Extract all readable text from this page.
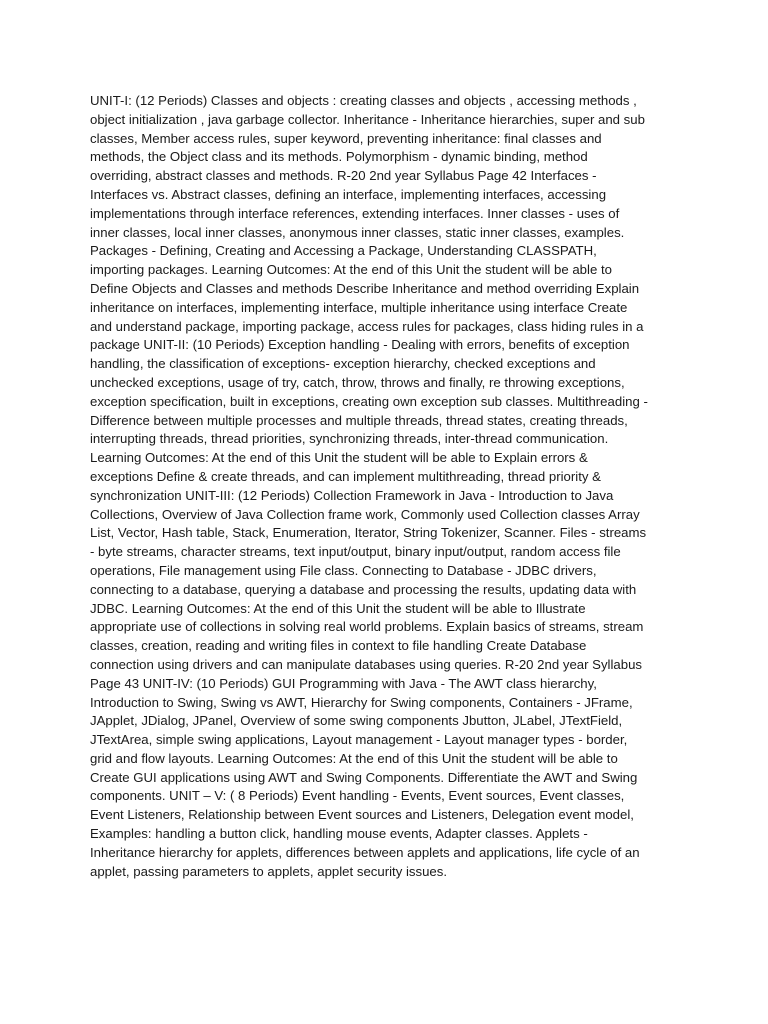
UNIT-I: (12 Periods) Classes and objects : creating classes and objects , accessing methods ,
object initialization , java garbage collector. Inheritance - Inheritance hierarchies, super and sub
classes, Member access rules, super keyword, preventing inheritance: final classes and
methods, the Object class and its methods. Polymorphism - dynamic binding, method
overriding, abstract classes and methods. R-20 2nd year Syllabus Page 42 Interfaces -
Interfaces vs. Abstract classes, defining an interface, implementing interfaces, accessing
implementations through interface references, extending interfaces. Inner classes - uses of
inner classes, local inner classes, anonymous inner classes, static inner classes, examples.
Packages - Defining, Creating and Accessing a Package, Understanding CLASSPATH,
importing packages. Learning Outcomes: At the end of this Unit the student will be able to
Define Objects and Classes and methods Describe Inheritance and method overriding Explain
inheritance on interfaces, implementing interface, multiple inheritance using interface Create
and understand package, importing package, access rules for packages, class hiding rules in a
package UNIT-II: (10 Periods) Exception handling - Dealing with errors, benefits of exception
handling, the classification of exceptions- exception hierarchy, checked exceptions and
unchecked exceptions, usage of try, catch, throw, throws and finally, re throwing exceptions,
exception specification, built in exceptions, creating own exception sub classes. Multithreading -
Difference between multiple processes and multiple threads, thread states, creating threads,
interrupting threads, thread priorities, synchronizing threads, inter-thread communication.
Learning Outcomes: At the end of this Unit the student will be able to Explain errors &
exceptions Define & create threads, and can implement multithreading, thread priority &
synchronization UNIT-III: (12 Periods) Collection Framework in Java - Introduction to Java
Collections, Overview of Java Collection frame work, Commonly used Collection classes Array
List, Vector, Hash table, Stack, Enumeration, Iterator, String Tokenizer, Scanner. Files - streams
- byte streams, character streams, text input/output, binary input/output, random access file
operations, File management using File class. Connecting to Database - JDBC drivers,
connecting to a database, querying a database and processing the results, updating data with
JDBC. Learning Outcomes: At the end of this Unit the student will be able to Illustrate
appropriate use of collections in solving real world problems. Explain basics of streams, stream
classes, creation, reading and writing files in context to file handling Create Database
connection using drivers and can manipulate databases using queries. R-20 2nd year Syllabus
Page 43 UNIT-IV: (10 Periods) GUI Programming with Java - The AWT class hierarchy,
Introduction to Swing, Swing vs AWT, Hierarchy for Swing components, Containers - JFrame,
JApplet, JDialog, JPanel, Overview of some swing components Jbutton, JLabel, JTextField,
JTextArea, simple swing applications, Layout management - Layout manager types - border,
grid and flow layouts. Learning Outcomes: At the end of this Unit the student will be able to
Create GUI applications using AWT and Swing Components. Differentiate the AWT and Swing
components. UNIT – V: ( 8 Periods) Event handling - Events, Event sources, Event classes,
Event Listeners, Relationship between Event sources and Listeners, Delegation event model,
Examples: handling a button click, handling mouse events, Adapter classes. Applets -
Inheritance hierarchy for applets, differences between applets and applications, life cycle of an
applet, passing parameters to applets, applet security issues.
